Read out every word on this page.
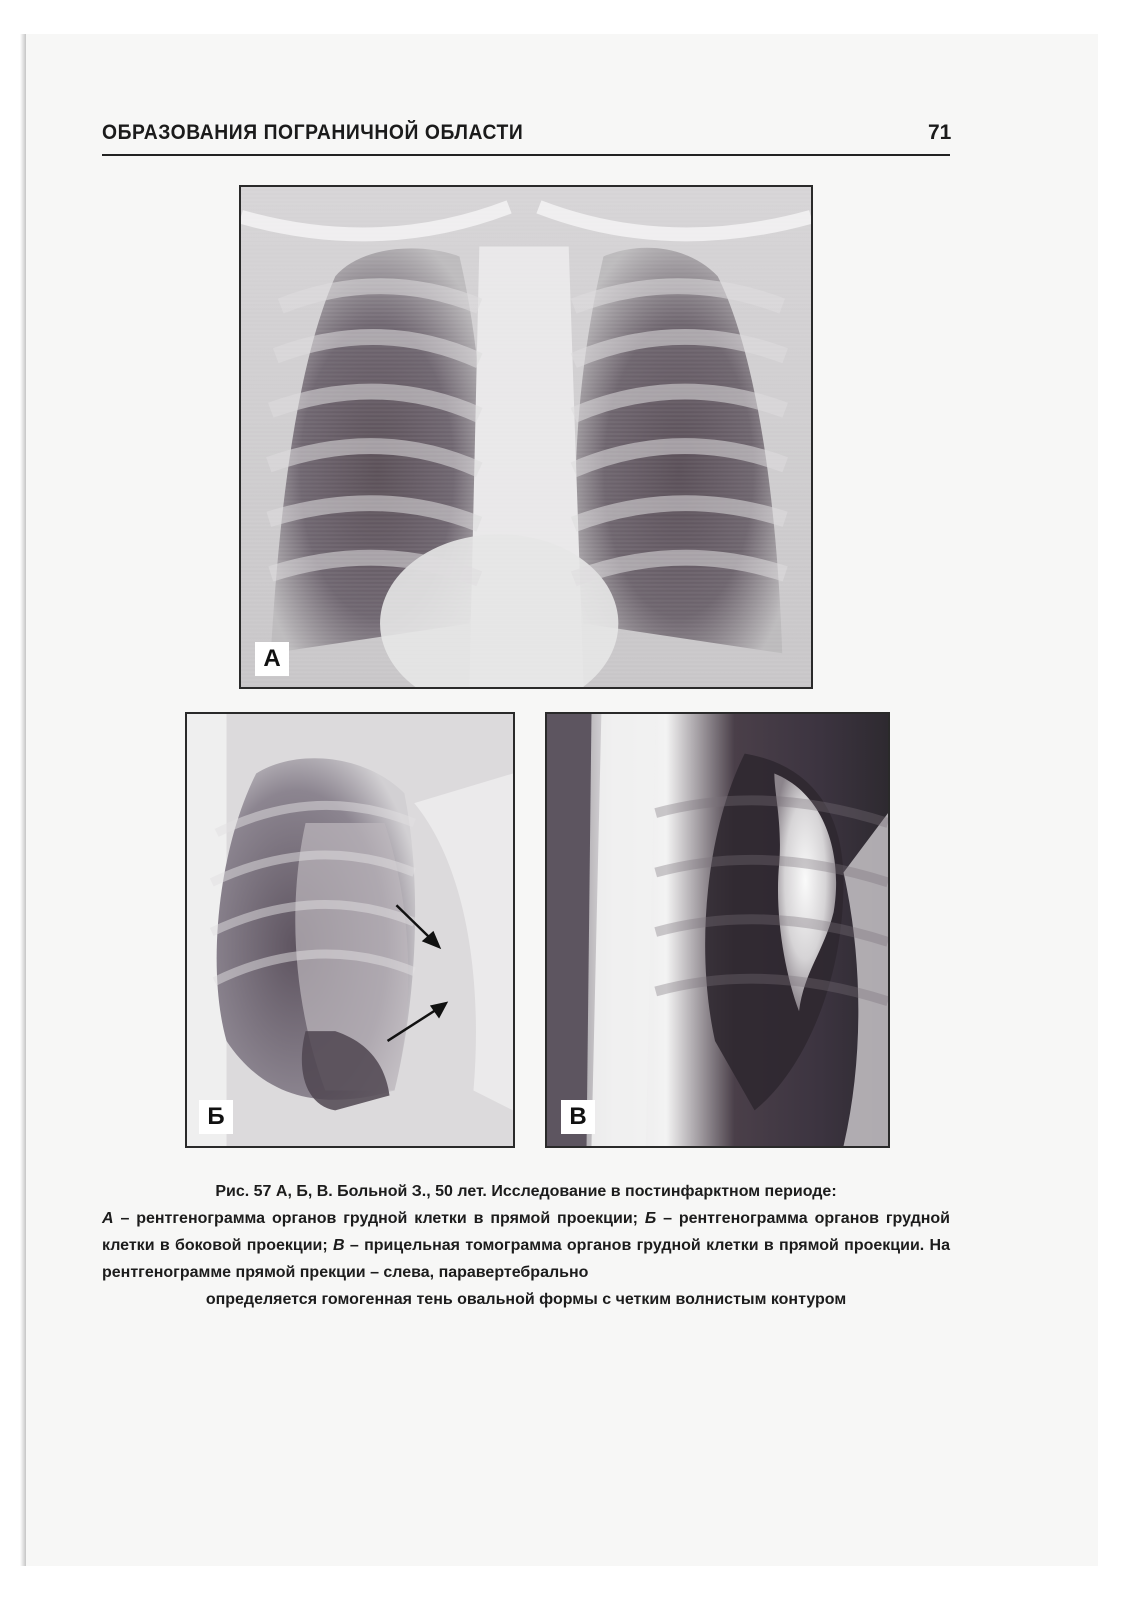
ОБРАЗОВАНИЯ ПОГРАНИЧНОЙ ОБЛАСТИ	71
А
Б	В
Рис. 57 А, Б, В. Больной З., 50 лет. Исследование в постинфарктном периоде:
А – рентгенограмма органов грудной клетки в прямой проекции; Б – рентгенограмма органов грудной клетки в боковой проекции; В – прицельная томограмма органов грудной клетки в прямой проекции. На рентгенограмме прямой прекции – слева, паравертебрально
определяется гомогенная тень овальной формы с четким волнистым контуром
